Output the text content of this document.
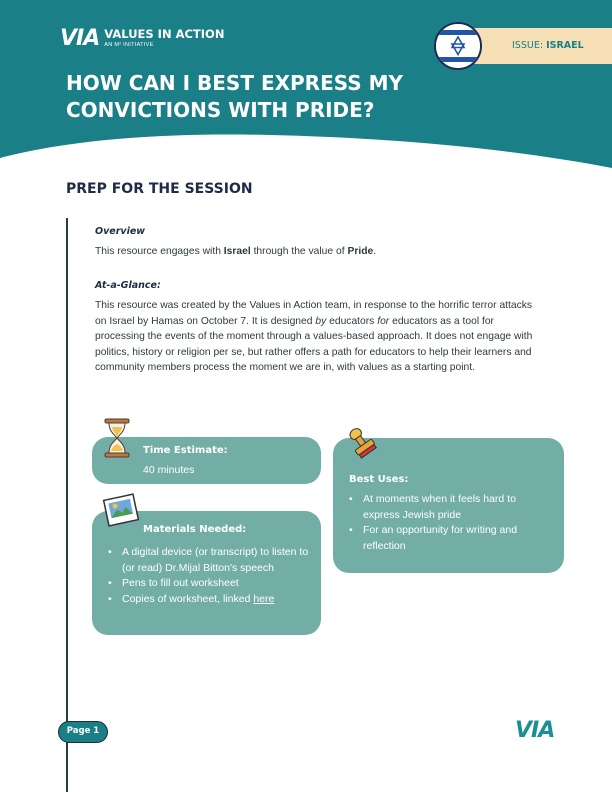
VIA VALUES IN ACTION
AN M² INITIATIVE	ISSUE: ISRAEL
HOW CAN I BEST EXPRESS MY CONVICTIONS WITH PRIDE?
PREP FOR THE SESSION
Overview

This resource engages with Israel through the value of Pride.

At-a-Glance:

This resource was created by the Values in Action team, in response to the horrific terror attacks on Israel by Hamas on October 7. It is designed by educators for educators as a tool for processing the events of the moment through a values-based approach. It does not engage with politics, history or religion per se, but rather offers a path for educators to help their learners and community members process the moment we are in, with values as a starting point.

Time Estimate:
40 minutes
Materials Needed:
• A digital device (or transcript) to listen to (or read) Dr.Mijal Bitton's speech
• Pens to fill out worksheet
• Copies of worksheet, linked here
Best Uses:
• At moments when it feels hard to express Jewish pride
• For an opportunity for writing and reflection
Page 1	VIA
